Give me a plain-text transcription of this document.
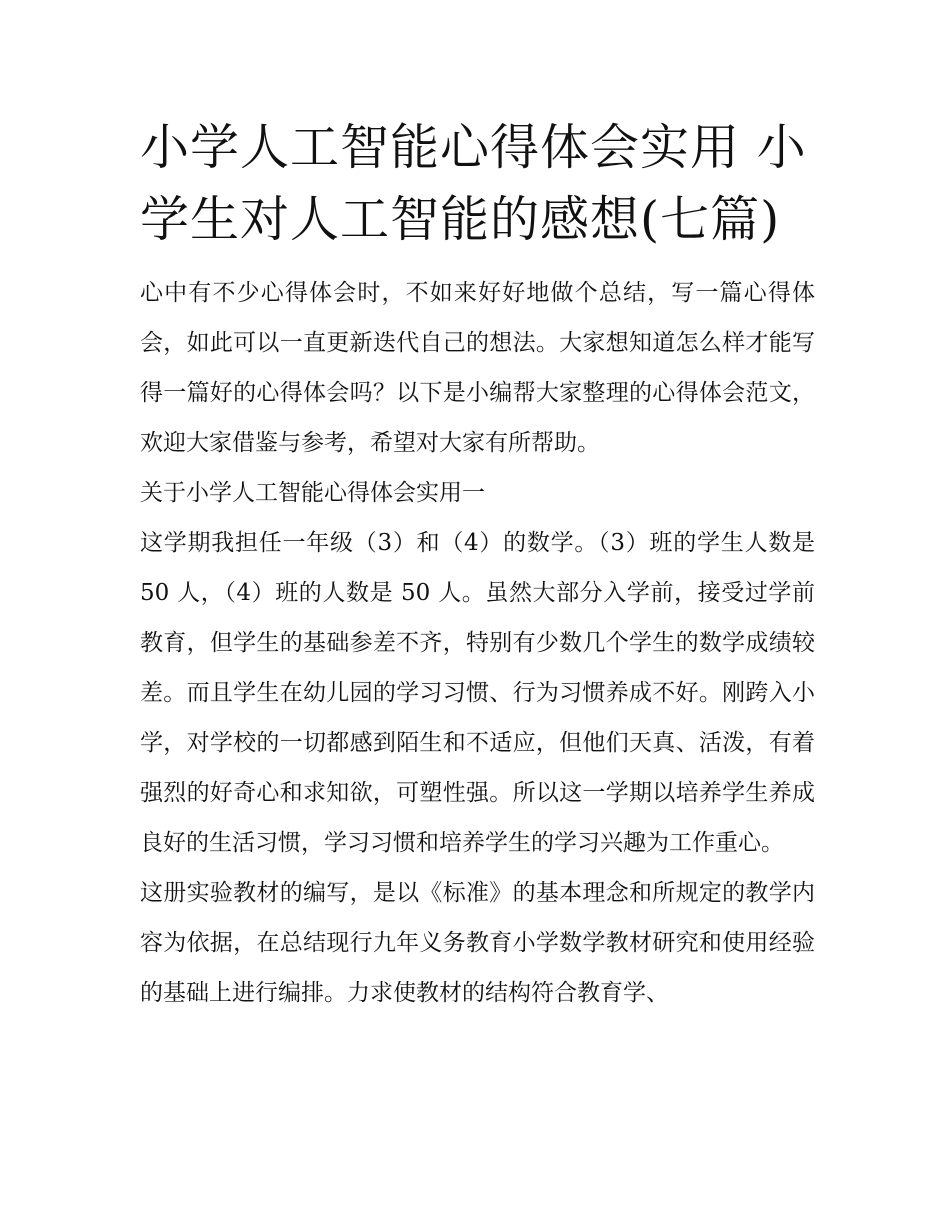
小学人工智能心得体会实用 小学生对人工智能的感想(七篇)

心中有不少心得体会时，不如来好好地做个总结，写一篇心得体会，如此可以一直更新迭代自己的想法。大家想知道怎么样才能写得一篇好的心得体会吗？以下是小编帮大家整理的心得体会范文，欢迎大家借鉴与参考，希望对大家有所帮助。

关于小学人工智能心得体会实用一

这学期我担任一年级（3）和（4）的数学。（3）班的学生人数是 50 人，（4）班的人数是 50 人。虽然大部分入学前，接受过学前教育，但学生的基础参差不齐，特别有少数几个学生的数学成绩较差。而且学生在幼儿园的学习习惯、行为习惯养成不好。刚跨入小学，对学校的一切都感到陌生和不适应，但他们天真、活泼，有着强烈的好奇心和求知欲，可塑性强。所以这一学期以培养学生养成良好的生活习惯，学习习惯和培养学生的学习兴趣为工作重心。

这册实验教材的编写，是以《标准》的基本理念和所规定的教学内容为依据，在总结现行九年义务教育小学数学教材研究和使用经验的基础上进行编排。力求使教材的结构符合教育学、
